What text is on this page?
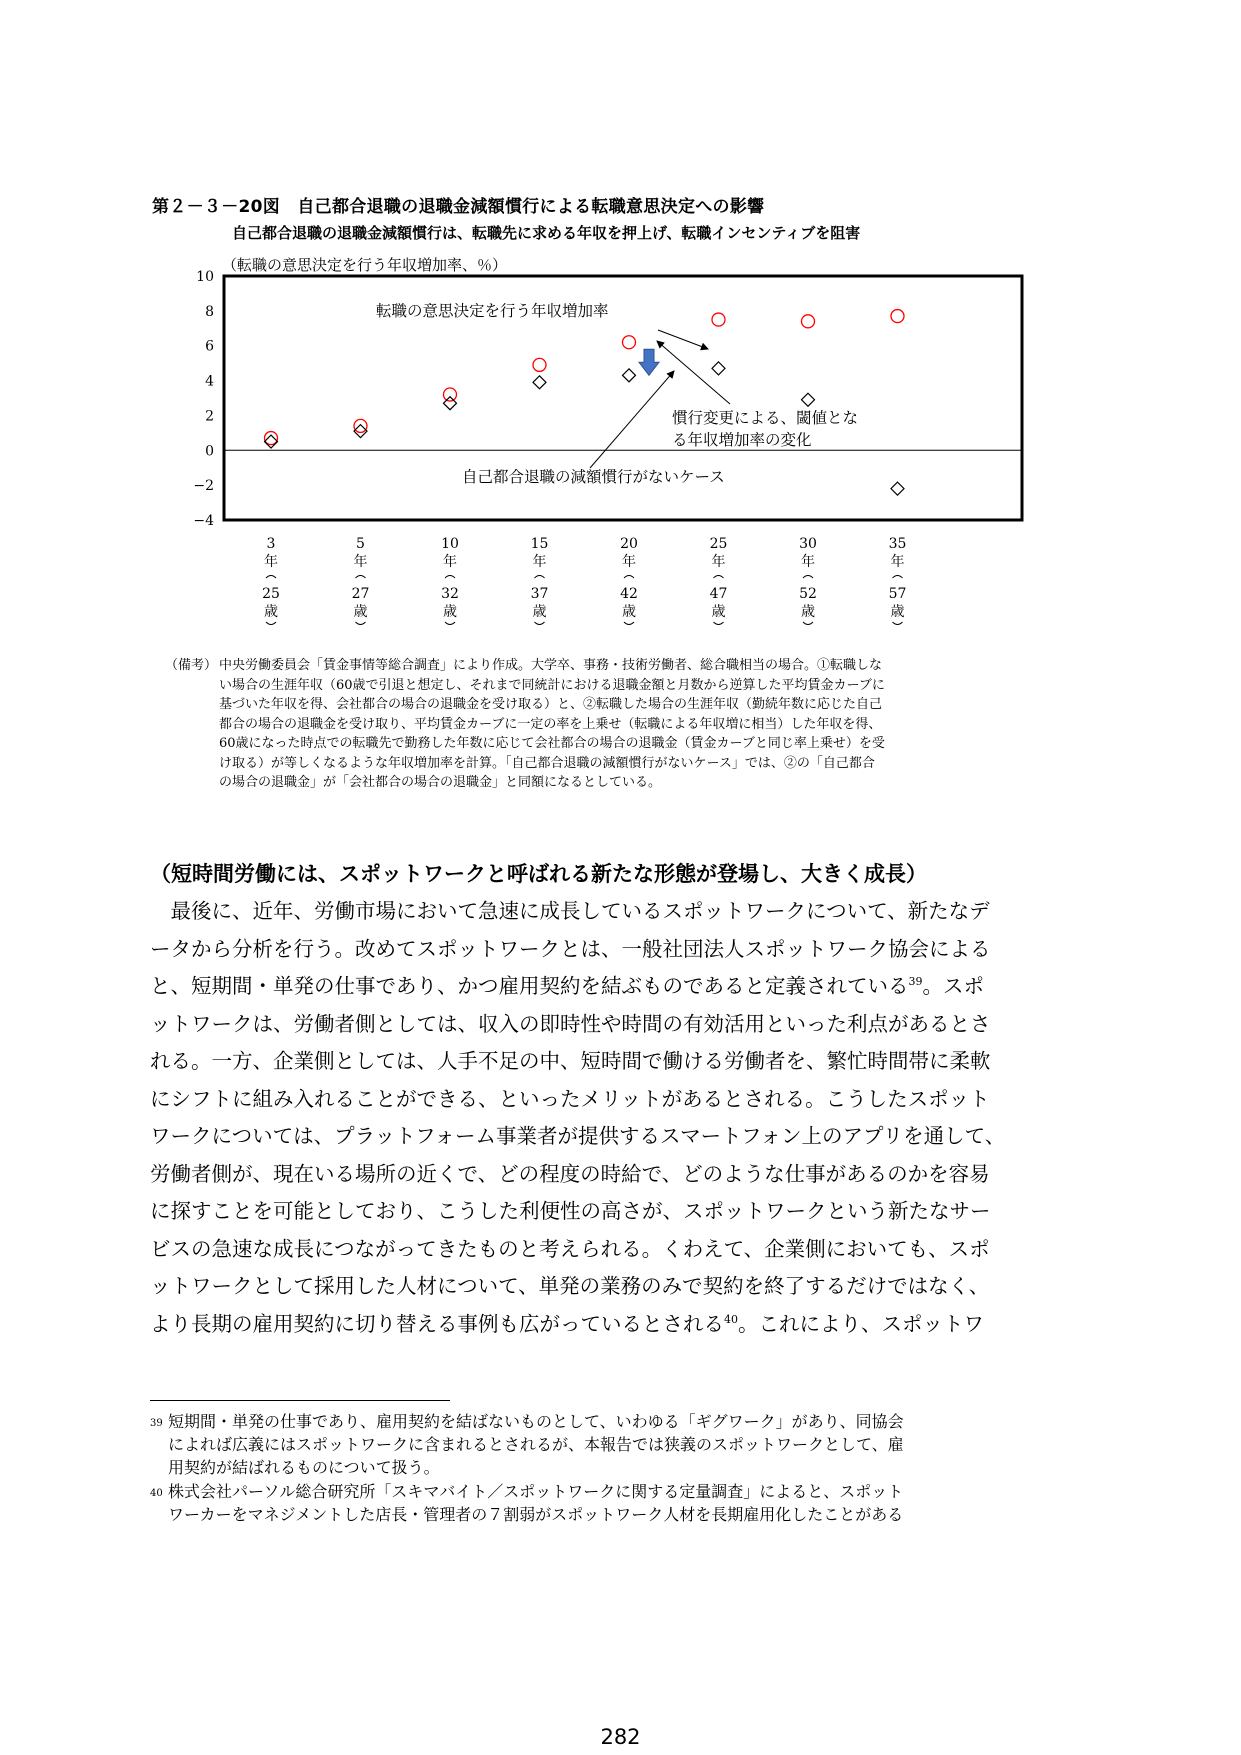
第２－３－20図　自己都合退職の退職金減額慣行による転職意思決定への影響
自己都合退職の退職金減額慣行は、転職先に求める年収を押上げ、転職インセンティブを阻害
（転職の意思決定を行う年収増加率、％）
10
8
6
4
2
0
−2
−4
3
年
25
歳
5
年
27
歳
10
年
32
歳
15
年
37
歳
20
年
42
歳
25
年
47
歳
30
年
52
歳
35
年
57
歳
転職の意思決定を行う年収増加率
慣行変更による、閾値とな
る年収増加率の変化
自己都合退職の減額慣行がないケース
（備考） 中央労働委員会「賃金事情等総合調査」により作成。大学卒、事務・技術労働者、総合職相当の場合。①転職しな
い場合の生涯年収（60歳で引退と想定し、それまで同統計における退職金額と月数から逆算した平均賃金カーブに
基づいた年収を得、会社都合の場合の退職金を受け取る）と、②転職した場合の生涯年収（勤続年数に応じた自己
都合の場合の退職金を受け取り、平均賃金カーブに一定の率を上乗せ（転職による年収増に相当）した年収を得、
60歳になった時点での転職先で勤務した年数に応じて会社都合の場合の退職金（賃金カーブと同じ率上乗せ）を受
け取る）が等しくなるような年収増加率を計算。「自己都合退職の減額慣行がないケース」では、②の「自己都合
の場合の退職金」が「会社都合の場合の退職金」と同額になるとしている。
（短時間労働には、スポットワークと呼ばれる新たな形態が登場し、大きく成長）
　最後に、近年、労働市場において急速に成長しているスポットワークについて、新たなデ
ータから分析を行う。改めてスポットワークとは、一般社団法人スポットワーク協会による
と、短期間・単発の仕事であり、かつ雇用契約を結ぶものであると定義されている$^{39}$。スポ
ットワークは、労働者側としては、収入の即時性や時間の有効活用といった利点があるとさ
れる。一方、企業側としては、人手不足の中、短時間で働ける労働者を、繁忙時間帯に柔軟
にシフトに組み入れることができる、といったメリットがあるとされる。こうしたスポット
ワークについては、プラットフォーム事業者が提供するスマートフォン上のアプリを通して、
労働者側が、現在いる場所の近くで、どの程度の時給で、どのような仕事があるのかを容易
に探すことを可能としており、こうした利便性の高さが、スポットワークという新たなサー
ビスの急速な成長につながってきたものと考えられる。くわえて、企業側においても、スポ
ットワークとして採用した人材について、単発の業務のみで契約を終了するだけではなく、
より長期の雇用契約に切り替える事例も広がっているとされる$^{40}$。これにより、スポットワ
39 短期間・単発の仕事であり、雇用契約を結ばないものとして、いわゆる「ギグワーク」があり、同協会
によれば広義にはスポットワークに含まれるとされるが、本報告では狭義のスポットワークとして、雇
用契約が結ばれるものについて扱う。
40 株式会社パーソル総合研究所「スキマバイト／スポットワークに関する定量調査」によると、スポット
ワーカーをマネジメントした店長・管理者の７割弱がスポットワーク人材を長期雇用化したことがある
282
